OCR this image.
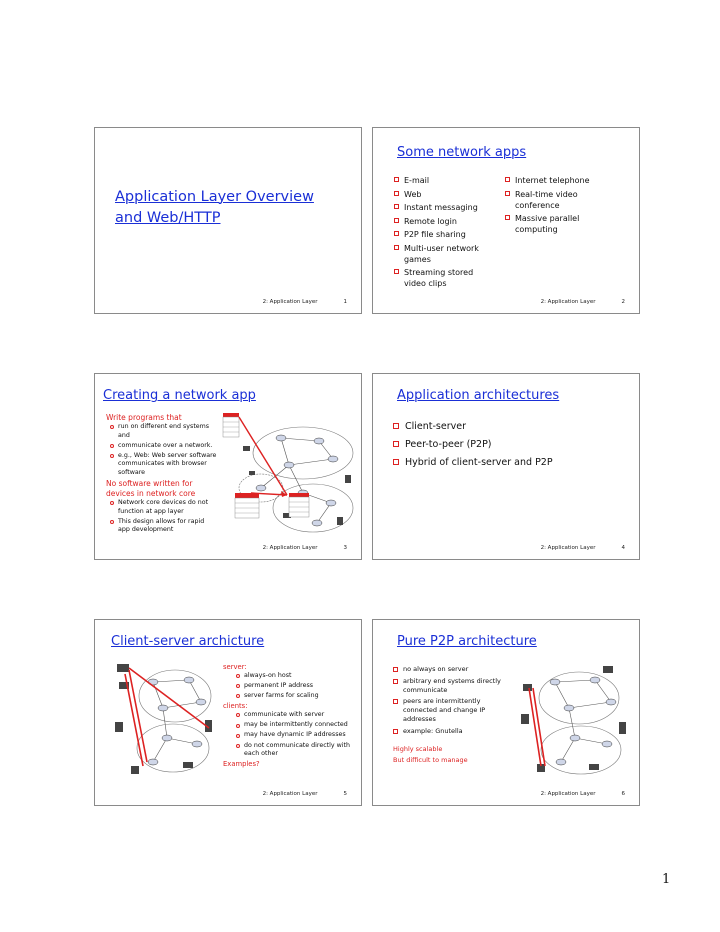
Application Layer Overview and Web/HTTP
2: Application Layer	1
Some network apps
E-mail
Web
Instant messaging
Remote login
P2P file sharing
Multi-user network games
Streaming stored video clips
Internet telephone
Real-time video conference
Massive parallel computing
2: Application Layer	2
Creating a network app
Write programs that
run on different end systems and
communicate over a network.
e.g., Web: Web server software communicates with browser software
No software written for devices in network core
Network core devices do not function at app layer
This design allows for rapid app development
2: Application Layer	3
Application architectures
Client-server
Peer-to-peer (P2P)
Hybrid of client-server and P2P
2: Application Layer	4
Client-server archicture
server:
always-on host
permanent IP address
server farms for scaling
clients:
communicate with server
may be intermittently connected
may have dynamic IP addresses
do not communicate directly with each other
Examples?
2: Application Layer	5
Pure P2P architecture
no always on server
arbitrary end systems directly communicate
peers are intermittently connected and change IP addresses
example: Gnutella
Highly scalable
But difficult to manage
2: Application Layer	6
1
